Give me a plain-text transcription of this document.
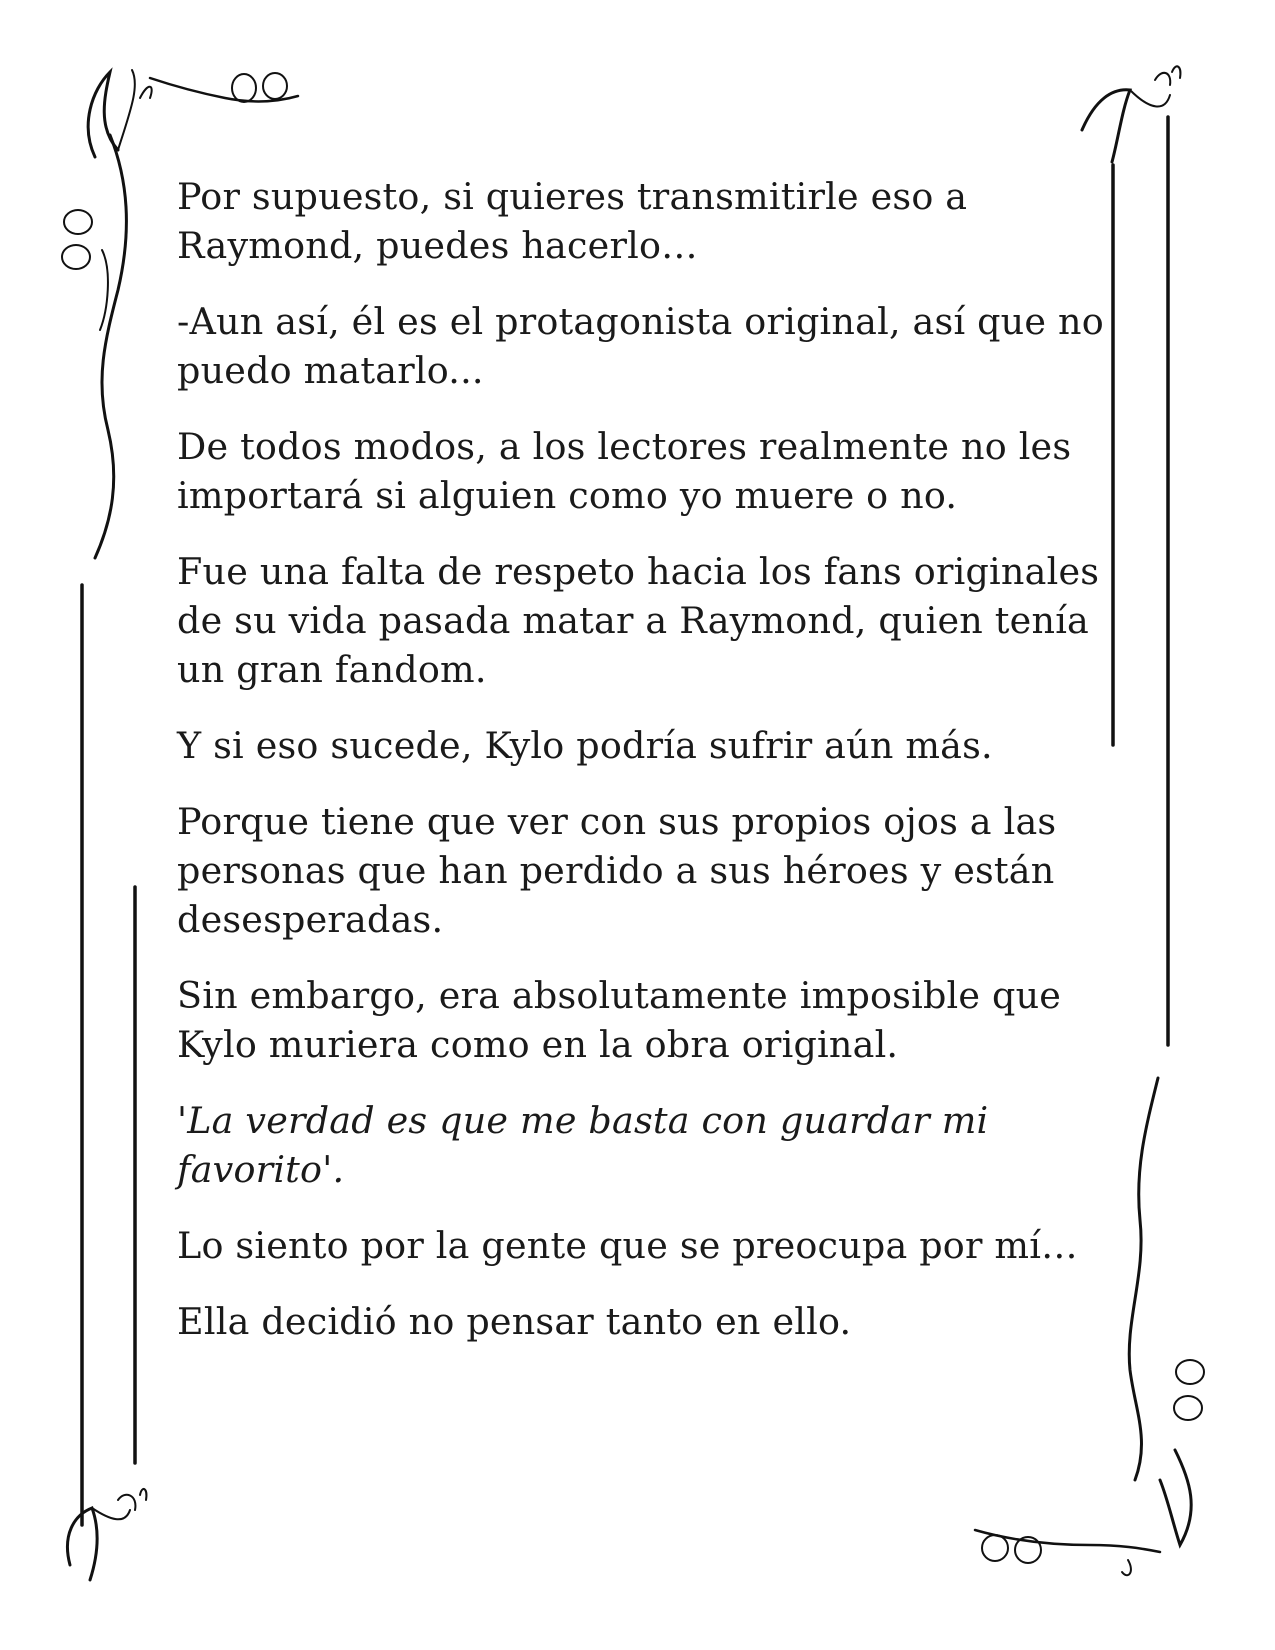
Por supuesto, si quieres transmitirle eso a Raymond, puedes hacerlo…

-Aun así, él es el protagonista original, así que no puedo matarlo...

De todos modos, a los lectores realmente no les importará si alguien como yo muere o no.

Fue una falta de respeto hacia los fans originales de su vida pasada matar a Raymond, quien tenía un gran fandom.

Y si eso sucede, Kylo podría sufrir aún más.

Porque tiene que ver con sus propios ojos a las personas que han perdido a sus héroes y están desesperadas.

Sin embargo, era absolutamente imposible que Kylo muriera como en la obra original.

'La verdad es que me basta con guardar mi favorito'.

Lo siento por la gente que se preocupa por mí…

Ella decidió no pensar tanto en ello.
